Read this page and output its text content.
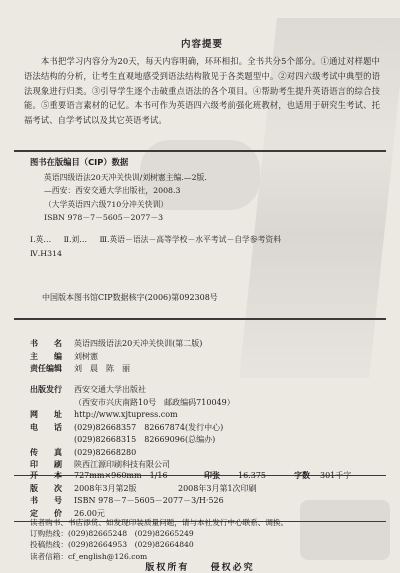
内容提要

本书把学习内容分为20天，每天内容明确，环环相扣。全书共分5个部分。①通过对样题中语法结构的分析，让考生直观地感受到语法结构散见于各类题型中。②对四六级考试中典型的语法现象进行归类。③引导学生逐个击破重点语法的各个项目。④帮助考生提升英语语言的综合技能。⑤重要语言素材的记忆。本书可作为英语四六级考前强化班教材，也适用于研究生考试、托福考试、自学考试以及其它英语考试。

图书在版编目（CIP）数据
英语四级语法20天冲关快训/刘树憲主编.—2版.
—西安：西安交通大学出版社，2008.3
（大学英语四六级710分冲关快训）
ISBN 978－7－5605－2077－3
Ⅰ.英… Ⅱ.刘… Ⅲ.英语－语法－高等学校－水平考试－自学参考资料
Ⅳ.H314
中国版本图书馆CIP数据核字(2006)第092308号
书　　名	英语四级语法20天冲关快训(第二版)
主　　编	刘树憲
责任编辑	刘　晨　陈　丽
出版发行	西安交通大学出版社
（西安市兴庆南路10号　邮政编码710049）
网　　址	http://www.xjtupress.com
电　　话	(029)82668357　82667874(发行中心)
(029)82668315　82669096(总编办)
传　　真	(029)82668280
印　　刷	陕西江源印刷科技有限公司
开　　本	727mm×960mm　1/16	印张 16.375	字数 301千字
版　　次	2008年3月第2版	2008年3月第1次印刷
书　　号	ISBN 978－7－5605－2077－3/H·526
定　　价	26.00元
读者购书、书店添货、如发现印装质量问题，请与本社发行中心联系、调换。
订购热线：(029)82665248　(029)82665249
投稿热线：(029)82664953　(029)82664840
读者信箱：cf_english@126.com
版权所有 侵权必究
